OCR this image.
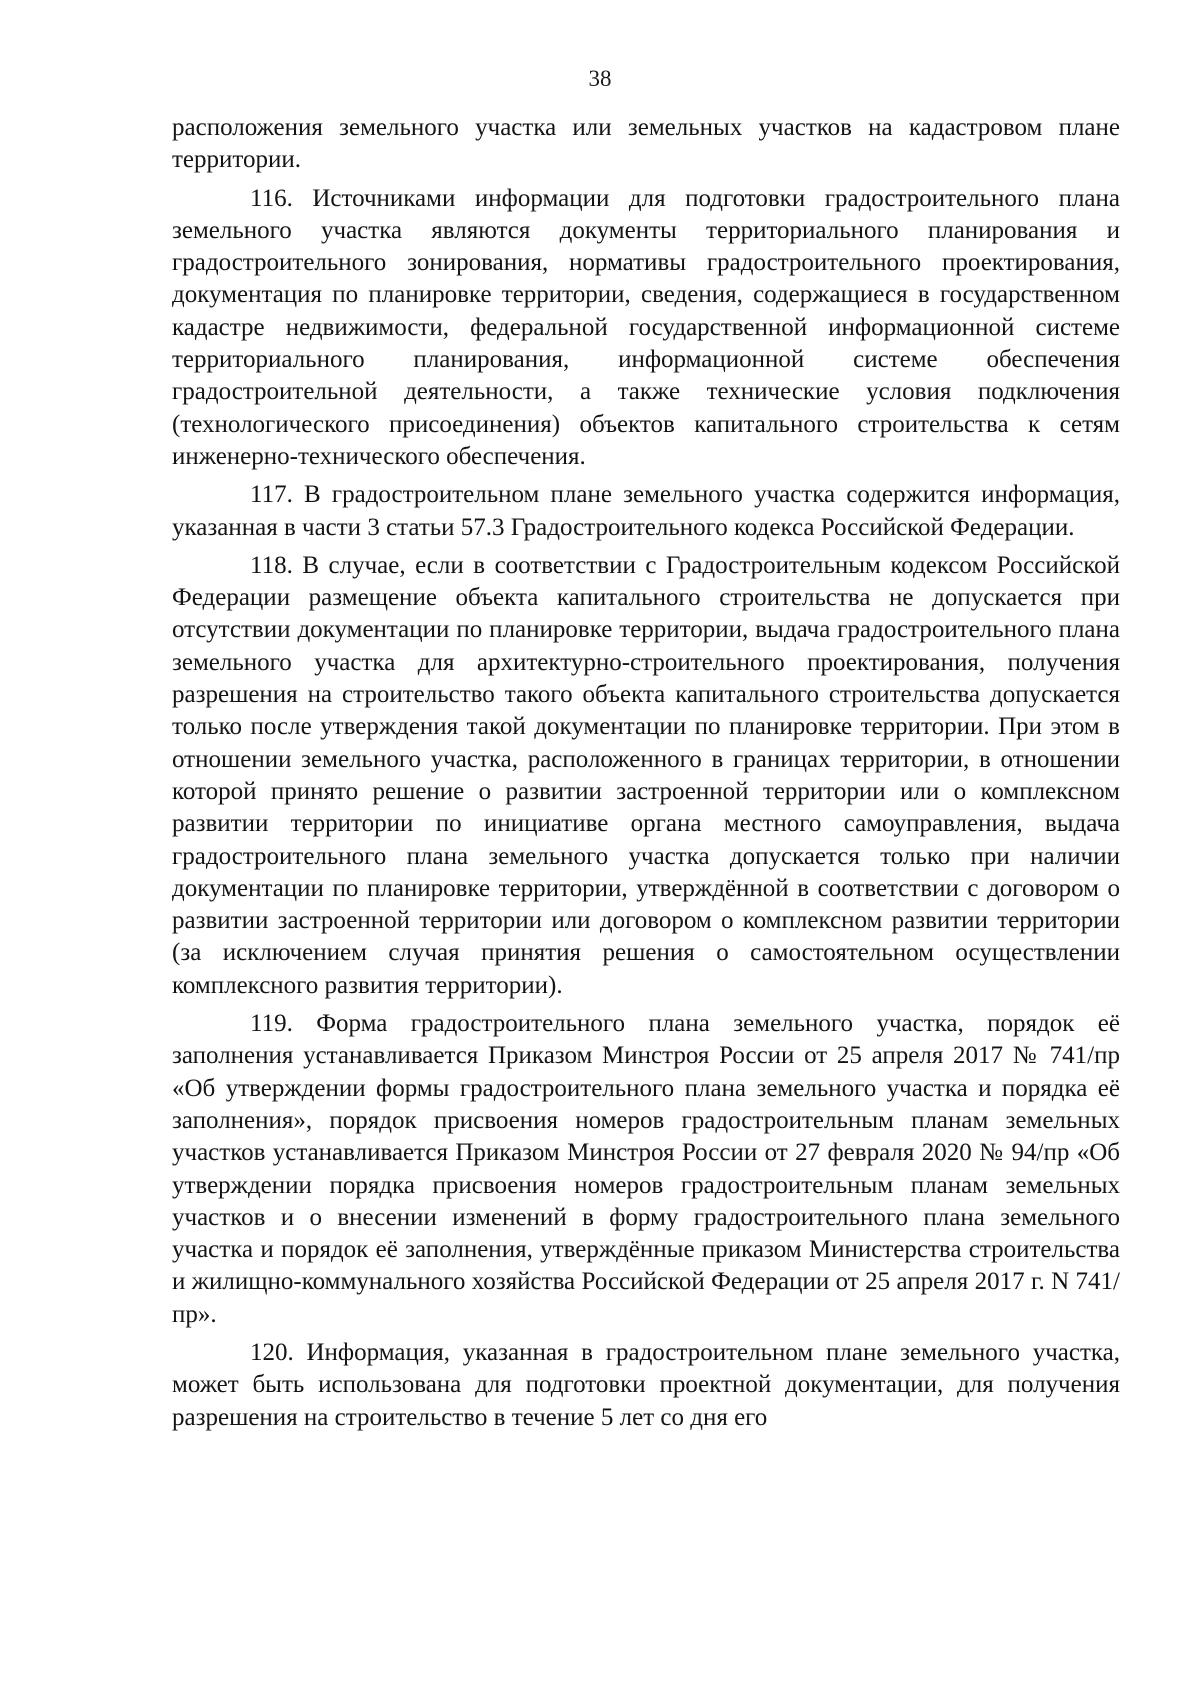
38

расположения земельного участка или земельных участков на кадастровом плане территории.

116. Источниками информации для подготовки градостроительного плана земельного участка являются документы территориального планирования и градостроительного зонирования, нормативы градостроительного проектирования, документация по планировке территории, сведения, содержащиеся в государственном кадастре недвижимости, федеральной государственной информационной системе территориального планирования, информационной системе обеспечения градостроительной деятельности, а также технические условия подключения (технологического присоединения) объектов капитального строительства к сетям инженерно-технического обеспечения.

117. В градостроительном плане земельного участка содержится информация, указанная в части 3 статьи 57.3 Градостроительного кодекса Российской Федерации.

118. В случае, если в соответствии с Градостроительным кодексом Российской Федерации размещение объекта капитального строительства не допускается при отсутствии документации по планировке территории, выдача градостроительного плана земельного участка для архитектурно-строительного проектирования, получения разрешения на строительство такого объекта капитального строительства допускается только после утверждения такой документации по планировке территории. При этом в отношении земельного участка, расположенного в границах территории, в отношении которой принято решение о развитии застроенной территории или о комплексном развитии территории по инициативе органа местного самоуправления, выдача градостроительного плана земельного участка допускается только при наличии документации по планировке территории, утверждённой в соответствии с договором о развитии застроенной территории или договором о комплексном развитии территории (за исключением случая принятия решения о самостоятельном осуществлении комплексного развития территории).

119. Форма градостроительного плана земельного участка, порядок её заполнения устанавливается Приказом Минстроя России от 25 апреля 2017 № 741/пр «Об утверждении формы градостроительного плана земельного участка и порядка её заполнения», порядок присвоения номеров градостроительным планам земельных участков устанавливается Приказом Минстроя России от 27 февраля 2020 № 94/пр «Об утверждении порядка присвоения номеров градостроительным планам земельных участков и о внесении изменений в форму градостроительного плана земельного участка и порядок её заполнения, утверждённые приказом Министерства строительства и жилищно-коммунального хозяйства Российской Федерации от 25 апреля 2017 г. N 741/пр».

120. Информация, указанная в градостроительном плане земельного участка, может быть использована для подготовки проектной документации, для получения разрешения на строительство в течение 5 лет со дня его
